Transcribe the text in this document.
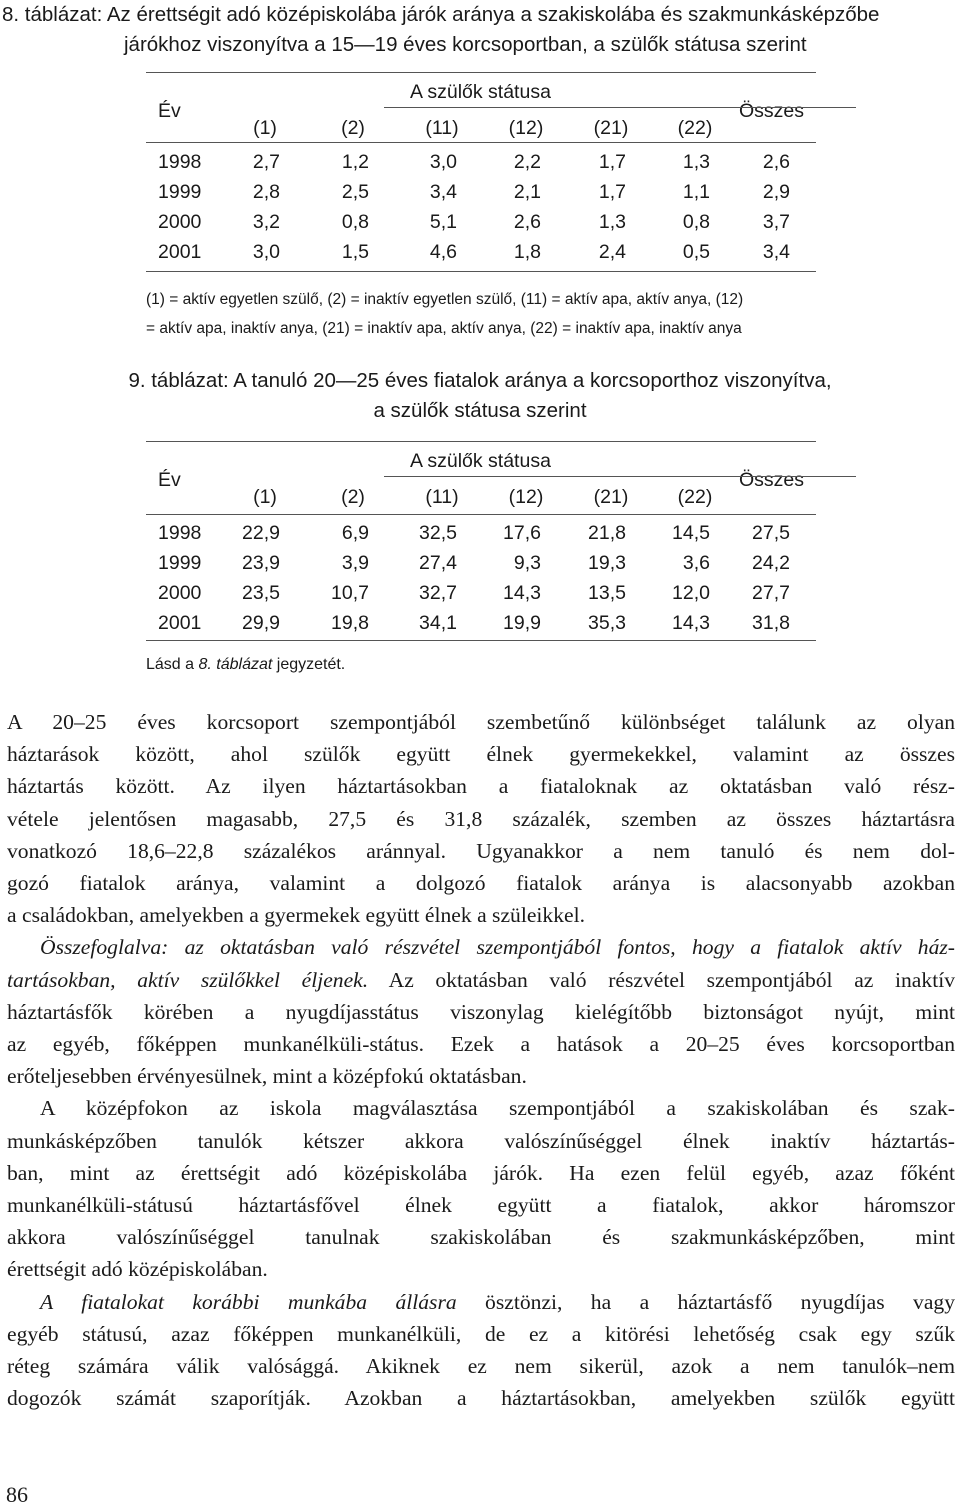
8. táblázat: Az érettségit adó középiskolába járók aránya a szakiskolába és szakmunkásképzőbe
járókhoz viszonyítva a 15—19 éves korcsoportban, a szülők státusa szerint
A szülők státusa
Év	Összes
(1)	(2)	(11)	(12)	(21)	(22)
1998	2,7	1,2	3,0	2,2	1,7	1,3	2,6
1999	2,8	2,5	3,4	2,1	1,7	1,1	2,9
2000	3,2	0,8	5,1	2,6	1,3	0,8	3,7
2001	3,0	1,5	4,6	1,8	2,4	0,5	3,4
(1) = aktív egyetlen szülő, (2) = inaktív egyetlen szülő, (11) = aktív apa, aktív anya, (12)
= aktív apa, inaktív anya, (21) = inaktív apa, aktív anya, (22) = inaktív apa, inaktív anya
9. táblázat: A tanuló 20—25 éves fiatalok aránya a korcsoporthoz viszonyítva,
a szülők státusa szerint
A szülők státusa
Év	Összes
(1)	(2)	(11)	(12)	(21)	(22)
1998	22,9	6,9	32,5	17,6	21,8	14,5	27,5
1999	23,9	3,9	27,4	9,3	19,3	3,6	24,2
2000	23,5	10,7	32,7	14,3	13,5	12,0	27,7
2001	29,9	19,8	34,1	19,9	35,3	14,3	31,8
Lásd a 8. táblázat jegyzetét.
A 20–25 éves korcsoport szempontjából szembetűnő különbséget találunk az olyan
háztarások között, ahol szülők együtt élnek gyermekekkel, valamint az összes
háztartás között. Az ilyen háztartásokban a fiataloknak az oktatásban való rész-
vétele jelentősen magasabb, 27,5 és 31,8 százalék, szemben az összes háztartásra
vonatkozó 18,6–22,8 százalékos aránnyal. Ugyanakkor a nem tanuló és nem dol-
gozó fiatalok aránya, valamint a dolgozó fiatalok aránya is alacsonyabb azokban
a családokban, amelyekben a gyermekek együtt élnek a szüleikkel.
Összefoglalva: az oktatásban való részvétel szempontjából fontos, hogy a fiatalok aktív ház-
tartásokban, aktív szülőkkel éljenek. Az oktatásban való részvétel szempontjából az inaktív
háztartásfők körében a nyugdíjasstátus viszonylag kielégítőbb biztonságot nyújt, mint
az egyéb, főképpen munkanélküli-státus. Ezek a hatások a 20–25 éves korcsoportban
erőteljesebben érvényesülnek, mint a középfokú oktatásban.
A középfokon az iskola magválasztása szempontjából a szakiskolában és szak-
munkásképzőben tanulók kétszer akkora valószínűséggel élnek inaktív háztartás-
ban, mint az érettségit adó középiskolába járók. Ha ezen felül egyéb, azaz főként
munkanélküli-státusú háztartásfővel élnek együtt a fiatalok, akkor háromszor
akkora valószínűséggel tanulnak szakiskolában és szakmunkásképzőben, mint
érettségit adó középiskolában.
A fiatalokat korábbi munkába állásra ösztönzi, ha a háztartásfő nyugdíjas vagy
egyéb státusú, azaz főképpen munkanélküli, de ez a kitörési lehetőség csak egy szűk
réteg számára válik valósággá. Akiknek ez nem sikerül, azok a nem tanulók–nem
dogozók számát szaporítják. Azokban a háztartásokban, amelyekben szülők együtt
86
